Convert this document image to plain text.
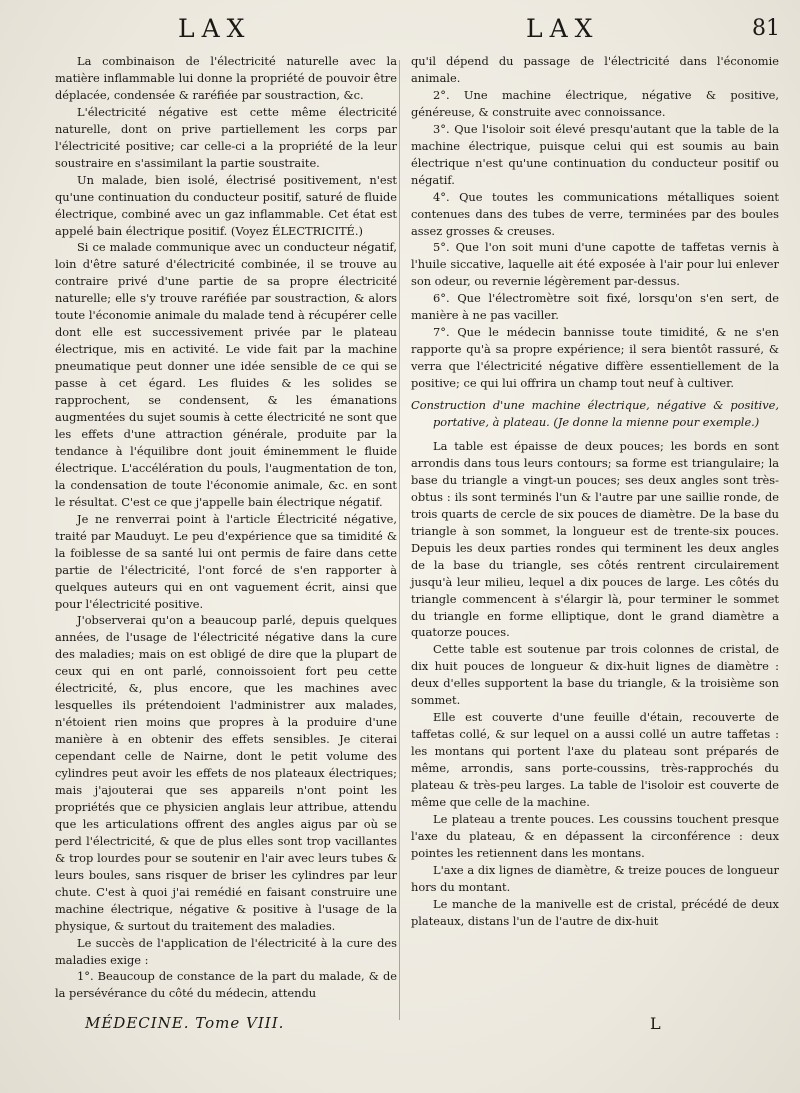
LAX	LAX	81

La combinaison de l'électricité naturelle avec la matière inflammable lui donne la propriété de pouvoir être déplacée, condensée & raréfiée par soustraction, &c.

L'électricité négative est cette même électricité naturelle, dont on prive partiellement les corps par l'électricité positive; car celle-ci a la propriété de la leur soustraire en s'assimilant la partie soustraite.

Un malade, bien isolé, électrisé positivement, n'est qu'une continuation du conducteur positif, saturé de fluide électrique, combiné avec un gaz inflammable. Cet état est appelé bain électrique positif. (Voyez ÉLECTRICITÉ.)

Si ce malade communique avec un conducteur négatif, loin d'être saturé d'électricité combinée, il se trouve au contraire privé d'une partie de sa propre électricité naturelle; elle s'y trouve raréfiée par soustraction, & alors toute l'économie animale du malade tend à récupérer celle dont elle est successivement privée par le plateau électrique, mis en activité. Le vide fait par la machine pneumatique peut donner une idée sensible de ce qui se passe à cet égard. Les fluides & les solides se rapprochent, se condensent, & les émanations augmentées du sujet soumis à cette électricité ne sont que les effets d'une attraction générale, produite par la tendance à l'équilibre dont jouit éminemment le fluide électrique. L'accélération du pouls, l'augmentation de ton, la condensation de toute l'économie animale, &c. en sont le résultat. C'est ce que j'appelle bain électrique négatif.

Je ne renverrai point à l'article Électricité négative, traité par Mauduyt. Le peu d'expérience que sa timidité & la foiblesse de sa santé lui ont permis de faire dans cette partie de l'électricité, l'ont forcé de s'en rapporter à quelques auteurs qui en ont vaguement écrit, ainsi que pour l'électricité positive.

J'observerai qu'on a beaucoup parlé, depuis quelques années, de l'usage de l'électricité négative dans la cure des maladies; mais on est obligé de dire que la plupart de ceux qui en ont parlé, connoissoient fort peu cette électricité, &, plus encore, que les machines avec lesquelles ils prétendoient l'administrer aux malades, n'étoient rien moins que propres à la produire d'une manière à en obtenir des effets sensibles. Je citerai cependant celle de Nairne, dont le petit volume des cylindres peut avoir les effets de nos plateaux électriques; mais j'ajouterai que ses appareils n'ont point les propriétés que ce physicien anglais leur attribue, attendu que les articulations offrent des angles aigus par où se perd l'électricité, & que de plus elles sont trop vacillantes & trop lourdes pour se soutenir en l'air avec leurs tubes & leurs boules, sans risquer de briser les cylindres par leur chute. C'est à quoi j'ai remédié en faisant construire une machine électrique, négative & positive à l'usage de la physique, & surtout du traitement des maladies.

Le succès de l'application de l'électricité à la cure des maladies exige :

1°. Beaucoup de constance de la part du malade, & de la persévérance du côté du médecin, attendu

qu'il dépend du passage de l'électricité dans l'économie animale.

2°. Une machine électrique, négative & positive, généreuse, & construite avec connoissance.

3°. Que l'isoloir soit élevé presqu'autant que la table de la machine électrique, puisque celui qui est soumis au bain électrique n'est qu'une continuation du conducteur positif ou négatif.

4°. Que toutes les communications métalliques soient contenues dans des tubes de verre, terminées par des boules assez grosses & creuses.

5°. Que l'on soit muni d'une capotte de taffetas vernis à l'huile siccative, laquelle ait été exposée à l'air pour lui enlever son odeur, ou revernie légèrement par-dessus.

6°. Que l'électromètre soit fixé, lorsqu'on s'en sert, de manière à ne pas vaciller.

7°. Que le médecin bannisse toute timidité, & ne s'en rapporte qu'à sa propre expérience; il sera bientôt rassuré, & verra que l'électricité négative diffère essentiellement de la positive; ce qui lui offrira un champ tout neuf à cultiver.

Construction d'une machine électrique, négative & positive, portative, à plateau. (Je donne la mienne pour exemple.)

La table est épaisse de deux pouces; les bords en sont arrondis dans tous leurs contours; sa forme est triangulaire; la base du triangle a vingt-un pouces; ses deux angles sont très-obtus : ils sont terminés l'un & l'autre par une saillie ronde, de trois quarts de cercle de six pouces de diamètre. De la base du triangle à son sommet, la longueur est de trente-six pouces. Depuis les deux parties rondes qui terminent les deux angles de la base du triangle, ses côtés rentrent circulairement jusqu'à leur milieu, lequel a dix pouces de large. Les côtés du triangle commencent à s'élargir là, pour terminer le sommet du triangle en forme elliptique, dont le grand diamètre a quatorze pouces.

Cette table est soutenue par trois colonnes de cristal, de dix huit pouces de longueur & dix-huit lignes de diamètre : deux d'elles supportent la base du triangle, & la troisième son sommet.

Elle est couverte d'une feuille d'étain, recouverte de taffetas collé, & sur lequel on a aussi collé un autre taffetas : les montans qui portent l'axe du plateau sont préparés de même, arrondis, sans porte-coussins, très-rapprochés du plateau & très-peu larges. La table de l'isoloir est couverte de même que celle de la machine.

Le plateau a trente pouces. Les coussins touchent presque l'axe du plateau, & en dépassent la circonférence : deux pointes les retiennent dans les montans.

L'axe a dix lignes de diamètre, & treize pouces de longueur hors du montant.

Le manche de la manivelle est de cristal, précédé de deux plateaux, distans l'un de l'autre de dix-huit

MÉDECINE. Tome VIII.	L
